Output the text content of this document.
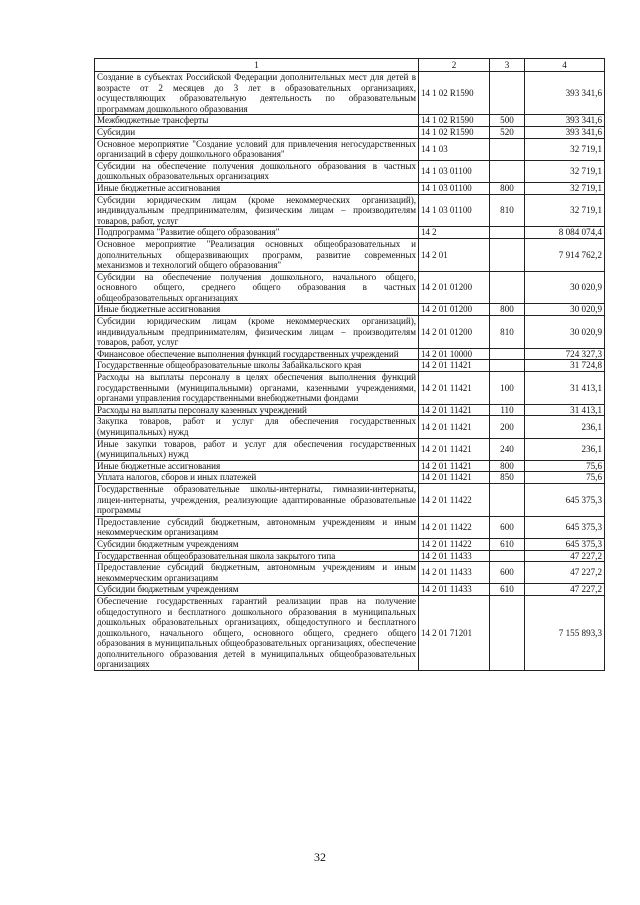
1	2	3	4
Создание в субъектах Российской Федерации дополнительных мест для детей в возрасте от 2 месяцев до 3 лет в образовательных организациях, осуществляющих образовательную деятельность по образовательным программам дошкольного образования	14 1 02 R1590		393 341,6
Межбюджетные трансферты	14 1 02 R1590	500	393 341,6
Субсидии	14 1 02 R1590	520	393 341,6
Основное мероприятие "Создание условий для привлечения негосударственных организаций в сферу дошкольного образования"	14 1 03		32 719,1
Субсидии на обеспечение получения дошкольного образования в частных дошкольных образовательных организациях	14 1 03 01100		32 719,1
Иные бюджетные ассигнования	14 1 03 01100	800	32 719,1
Субсидии юридическим лицам (кроме некоммерческих организаций), индивидуальным предпринимателям, физическим лицам – производителям товаров, работ, услуг	14 1 03 01100	810	32 719,1
Подпрограмма "Развитие общего образования"	14 2		8 084 074,4
Основное мероприятие "Реализация основных общеобразовательных и дополнительных общеразвивающих программ, развитие современных механизмов и технологий общего образования"	14 2 01		7 914 762,2
Субсидии на обеспечение получения дошкольного, начального общего, основного общего, среднего общего образования в частных общеобразовательных организациях	14 2 01 01200		30 020,9
Иные бюджетные ассигнования	14 2 01 01200	800	30 020,9
Субсидии юридическим лицам (кроме некоммерческих организаций), индивидуальным предпринимателям, физическим лицам – производителям товаров, работ, услуг	14 2 01 01200	810	30 020,9
Финансовое обеспечение выполнения функций государственных учреждений	14 2 01 10000		724 327,3
Государственные общеобразовательные школы Забайкальского края	14 2 01 11421		31 724,8
Расходы на выплаты персоналу в целях обеспечения выполнения функций государственными (муниципальными) органами, казенными учреждениями, органами управления государственными внебюджетными фондами	14 2 01 11421	100	31 413,1
Расходы на выплаты персоналу казенных учреждений	14 2 01 11421	110	31 413,1
Закупка товаров, работ и услуг для обеспечения государственных (муниципальных) нужд	14 2 01 11421	200	236,1
Иные закупки товаров, работ и услуг для обеспечения государственных (муниципальных) нужд	14 2 01 11421	240	236,1
Иные бюджетные ассигнования	14 2 01 11421	800	75,6
Уплата налогов, сборов и иных платежей	14 2 01 11421	850	75,6
Государственные образовательные школы-интернаты, гимназии-интернаты, лицеи-интернаты, учреждения, реализующие адаптированные образовательные программы	14 2 01 11422		645 375,3
Предоставление субсидий бюджетным, автономным учреждениям и иным некоммерческим организациям	14 2 01 11422	600	645 375,3
Субсидии бюджетным учреждениям	14 2 01 11422	610	645 375,3
Государственная общеобразовательная школа закрытого типа	14 2 01 11433		47 227,2
Предоставление субсидий бюджетным, автономным учреждениям и иным некоммерческим организациям	14 2 01 11433	600	47 227,2
Субсидии бюджетным учреждениям	14 2 01 11433	610	47 227,2
Обеспечение государственных гарантий реализации прав на получение общедоступного и бесплатного дошкольного образования в муниципальных дошкольных образовательных организациях, общедоступного и бесплатного дошкольного, начального общего, основного общего, среднего общего образования в муниципальных общеобразовательных организациях, обеспечение дополнительного образования детей в муниципальных общеобразовательных организациях	14 2 01 71201		7 155 893,3
32
